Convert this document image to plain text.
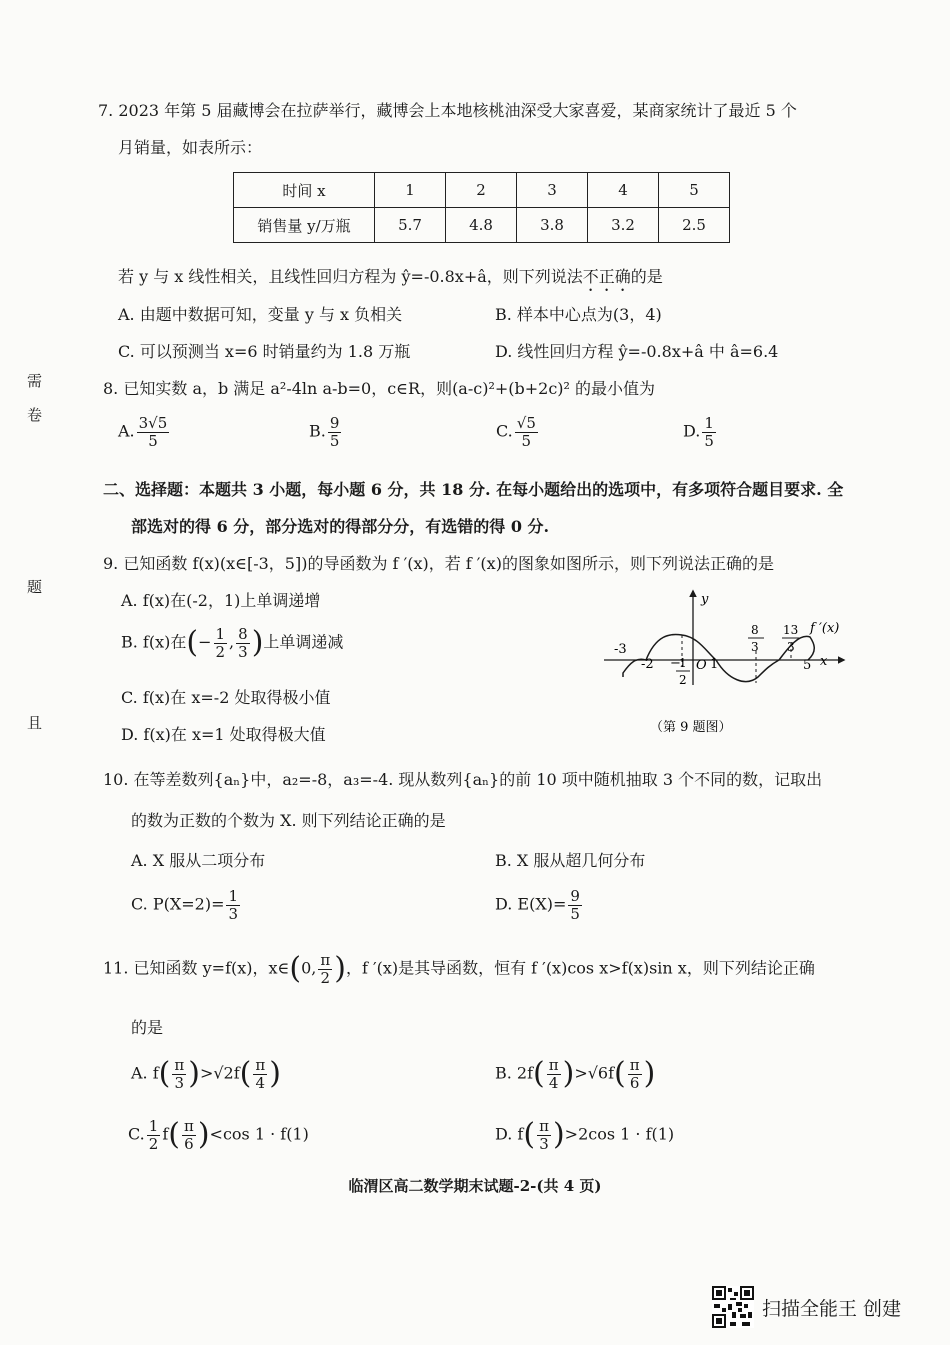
7. 2023 年第 5 届藏博会在拉萨举行，藏博会上本地核桃油深受大家喜爱，某商家统计了最近 5 个
月销量，如表所示：
时间 x	1	2	3	4	5
销售量 y/万瓶	5.7	4.8	3.8	3.2	2.5
若 y 与 x 线性相关，且线性回归方程为 ŷ=-0.8x+â，则下列说法不正确的是
A. 由题中数据可知，变量 y 与 x 负相关	B. 样本中心点为(3，4)
C. 可以预测当 x=6 时销量约为 1.8 万瓶	D. 线性回归方程 ŷ=-0.8x+â 中 â=6.4
8. 已知实数 a，b 满足 a²-4ln a-b=0，c∈R，则(a-c)²+(b+2c)² 的最小值为
A. $\frac{3√5}{5}$	B. $\frac{9}{5}$	C. $\frac{√5}{5}$	D. $\frac{1}{5}$
二、选择题：本题共 3 小题，每小题 6 分，共 18 分. 在每小题给出的选项中，有多项符合题目要求. 全
部选对的得 6 分，部分选对的得部分分，有选错的得 0 分.
9. 已知函数 f(x)(x∈[-3，5])的导函数为 f ′(x)，若 f ′(x)的图象如图所示，则下列说法正确的是
A. f(x)在(-2，1)上单调递增
B. f(x)在(− $\frac{1}{2}$ , $\frac{8}{3}$ )上单调递减
C. f(x)在 x=-2 处取得极小值
D. f(x)在 x=1 处取得极大值
y
x
f ′(x)
O
-3
-2	1	5
−
1
2
8
3
13
3
（第 9 题图）
10. 在等差数列{aₙ}中，a₂=-8，a₃=-4. 现从数列{aₙ}的前 10 项中随机抽取 3 个不同的数，记取出
的数为正数的个数为 X. 则下列结论正确的是
A. X 服从二项分布	B. X 服从超几何分布
C. $P(X=2)= \frac{1}{3}$	D. $E(X)= \frac{9}{5}$
11. 已知函数 y=f(x)，x∈(0, $\frac{\pi}{2}$ )，f ′(x)是其导函数，恒有 f ′(x)cos x>f(x)sin x，则下列结论正确
的是
A. $f( \frac{\pi}{3} )>√2f( \frac{\pi}{4}$ )	B. $2f( \frac{\pi}{4} )>√6f( \frac{\pi}{6}$ )
C. $\frac{1}{2} f( \frac{\pi}{6} )<\cos$ 1 · f(1)	D. $f( \frac{\pi}{3} )>2\cos$ 1 · f(1)
需
卷
题
且
临渭区高二数学期末试题-2-(共 4 页)
扫描全能王 创建
